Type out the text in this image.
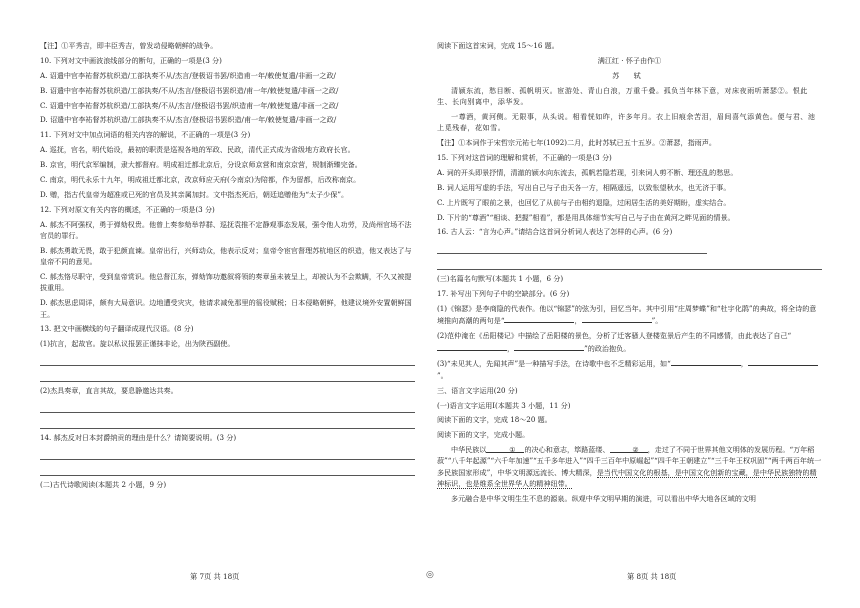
【注】①平秀吉，即丰臣秀吉，曾发动侵略朝鲜的战争。

10. 下列对文中画波浪线部分的断句，正确的一项是(3 分)

A. 诏遣中官李祐督苏杭织造/工部执奏不从/杰言/登极诏书罢/织造甫一年/敕使复遣/非画一之政/

B. 诏遣中官李祐督苏杭织造/工部执奏/不从/杰言/登极诏书罢织造/甫一年/敕使复遣/非画一之政/

C. 诏遣中官李祐督苏杭织造/工部执奏/不从/杰言/登极诏书罢/织造甫一年/敕使复遣/非画一之政/

D. 诏遣中官李祐督苏杭织造/工部执奏不从/杰言/登极诏书罢织造/甫一年/敕使复遣/非画一之政/

11. 下列对文中加点词语的相关内容的解说，不正确的一项是(3 分)

A. 巡抚，官名，明代始设，最初的职责是巡视各地的军政、民政，清代正式成为省级地方政府长官。

B. 京官，明代京军编制，隶大都督府。明成祖迁都北京后，分设京师京营和南京京营，规制渐臻完备。

C. 南京，明代永乐十九年，明成祖迁都北京，改京师应天府(今南京)为陪都，作为留都，后改称南京。

D. 赠，指古代皇帝为超准或已死的官员及其亲属加封。文中指杰死后，朝廷追赠他为“太子少保”。

12. 下列对原文有关内容的概述，不正确的一项是(3 分)

A. 郝杰不阿强权，勇于弹劾权贵。他曾上奏参劾举荐群、巡抚袁推不定静观事态发展，强令他人功劳，及尚州官场不法官员的罪行。

B. 郝杰勇敢无畏，敢于犯颜直谏。皇帝出行，兴师动众，他表示反对；皇帝令宦官督理苏杭地区的织造，他又表达了与皇帝不同的意见。

C. 郝杰恪尽职守，受到皇帝赏识。他总督江东，弹劾饰功邀叙将领的奏章虽未被呈上，却被认为不会欺瞒，不久又被提拔重用。

D. 郝杰思虑周详，颇有大局意识。边地遭受灾灾，他请求减免那里的徭役赋税；日本侵略朝鲜，他建议境外安置朝鲜国王。

13. 把文中画横线的句子翻译成现代汉语。(8 分)

(1)抗言，起故官。旋以私议报罢正谨抹非论，出为陕西副使。

(2)杰具奏章，直言其故，要息静邀达共奏。

14. 郝杰反对日本封爵纳贡的理由是什么？请简要说明。(3 分)

(二)古代诗歌阅读(本题共 2 小题，9 分)

阅读下面这首宋词，完成 15～16 题。

满江红 · 怀子由作①

苏 轼

清颍东流，愁目断、孤帆明灭。宦游处、青山白浪，万重千叠。孤负当年林下意，对床夜雨听萧瑟②。恨此生、长向别离中，添华发。

一尊酒，黄河侧。无限事，从头说。相看恍如昨，许多年月。衣上旧痕余苦泪，眉间喜气添黄色。便与君、池上觅残春，花如雪。

【注】①本词作于宋哲宗元祐七年(1092)二月，此时苏轼已五十五岁。②萧瑟，指雨声。

15. 下列对这首词的理解和赏析，不正确的一项是(3 分)

A. 词的开头即景抒情，清澈的颍水向东流去，孤帆若隐若现，引来词人剪不断、理还乱的愁思。

B. 词人运用写虚的手法，写出自己与子由天各一方，相隔遥远，以致怅望秋水，也无济于事。

C. 上片既写了眼前之景，也回忆了从前与子由相约退隐，过闲居生活的美好期盼，虚实结合。

D. 下片的“尊酒”“相谈、把握”相看”，都是用具体细节实写自己与子由在黄河之畔见面的情景。

16. 古人云：“言为心声。”请结合这首词分析词人表达了怎样的心声。(6 分)

(三)名篇名句默写(本题共 1 小题，6 分)

17. 补写出下列句子中的空缺部分。(6 分)

(1)《锦瑟》是李商隐的代表作。他以“锦瑟”的弦为引，回忆当年。其中引用“庄周梦蝶”和“杜宇化鹃”的典故，将全诗的意境推向高潮的两句是“	，	”。

(2)范仲淹在《岳阳楼记》中描绘了岳阳楼的景色，分析了迁客骚人登楼览景后产生的不同感情，由此表达了自己“，	”的政治抱负。

(3)“未见其人，先闻其声”是一种描写手法，在诗歌中也不乏精彩运用，如“	，”。

三、语言文字运用(20 分)

(一)语言文字运用Ⅰ(本题共 3 小题，11 分)

阅读下面的文字，完成 18～20 题。

阅读下面的文字，完成小题。

中华民族以	① 的决心和意志，筚路蓝缕、	② ，走过了不同于世界其他文明体的发展历程。“万年稻菽”“八千年起源”“六千年加速”“五千多年进入”“四千三百年中原崛起”“四千年王朝建立”“三千年王权巩固”“两千两百年统一多民族国家形成”，中华文明源远流长、博大精深，是当代中国文化的根基，是中国文化创新的宝藏，是中华民族独特的精神标识，也是维系全世界华人的精神纽带。

多元融合是中华文明生生不息的源泉。纵观中华文明早期的演进，可以看出中华大地各区域的文明

第 7页 共 18页	◎	第 8页 共 18页
